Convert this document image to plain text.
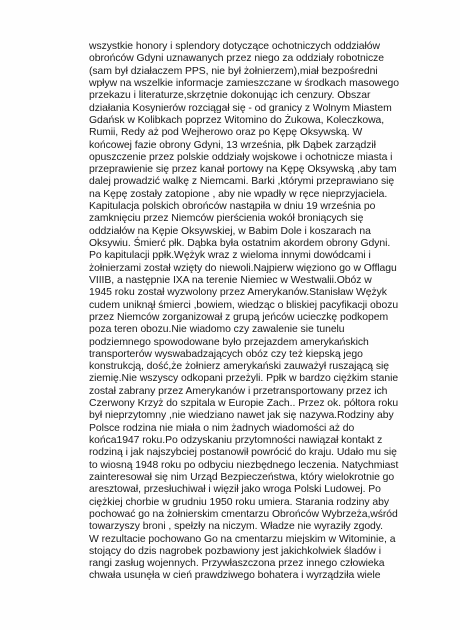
wszystkie honory i splendory dotyczące ochotniczych oddziałów
obrońców Gdyni uznawanych przez niego za oddziały robotnicze
(sam był działaczem PPS, nie był żołnierzem),miał bezpośredni
wpływ na wszelkie informacje zamieszczane w środkach masowego
przekazu i literaturze,skrzętnie dokonując ich cenzury. Obszar
działania Kosynierów rozciągał się - od granicy z Wolnym Miastem
Gdańsk w Kolibkach poprzez Witomino do Żukowa, Koleczkowa,
Rumii, Redy aż pod Wejherowo oraz po Kępę Oksywską. W
końcowej fazie obrony Gdyni, 13 września, płk Dąbek zarządził
opuszczenie przez polskie oddziały wojskowe i ochotnicze miasta i
przeprawienie się przez kanał portowy na Kępę Oksywską ,aby tam
dalej prowadzić walkę z Niemcami. Barki ,którymi przeprawiano się
na Kępę zostały zatopione , aby nie wpadły w ręce nieprzyjaciela.
Kapitulacja polskich obrońców nastąpiła w dniu 19 września po
zamknięciu przez Niemców pierścienia wokół broniących się
oddziałów na Kępie Oksywskiej, w Babim Dole i koszarach na
Oksywiu. Śmierć płk. Dąbka była ostatnim akordem obrony Gdyni.
Po kapitulacji ppłk.Wężyk wraz z wieloma innymi dowódcami i
żołnierzami został wzięty do niewoli.Najpierw więziono go w Offlagu
VIIIB, a następnie IXA na terenie Niemiec w Westwalii.Obóz w
1945 roku został wyzwolony przez Amerykanów.Stanisław Wężyk
cudem uniknął śmierci ,bowiem, wiedząc o bliskiej pacyfikacji obozu
przez Niemców zorganizował z grupą jeńców ucieczkę podkopem
poza teren obozu.Nie wiadomo czy zawalenie sie tunelu
podziemnego spowodowane było przejazdem amerykańskich
transporterów wyswabadzających obóz czy też kiepską jego
konstrukcją, dość,że żołnierz amerykański zauważył ruszającą się
ziemię.Nie wszyscy odkopani przeżyli. Ppłk w bardzo ciężkim stanie
został zabrany przez Amerykanów i przetransportowany przez ich
Czerwony Krzyż do szpitala w Europie Zach.. Przez ok. półtora roku
był nieprzytomny ,nie wiedziano nawet jak się nazywa.Rodziny aby
Polsce rodzina nie miała o nim żadnych wiadomości aż do
końca1947 roku.Po odzyskaniu przytomności nawiązał kontakt z
rodziną i jak najszybciej postanowił powrócić do kraju. Udało mu się
to wiosną 1948 roku po odbyciu niezbędnego leczenia. Natychmiast
zainteresował się nim Urząd Bezpieczeństwa, który wielokrotnie go
aresztował, przesłuchiwał i więził jako wroga Polski Ludowej. Po
ciężkiej chorbie w grudniu 1950 roku umiera. Starania rodziny aby
pochować go na żołnierskim cmentarzu Obrońców Wybrzeża,wśród
towarzyszy broni , spełzły na niczym. Władze nie wyraziły zgody.
W rezultacie pochowano Go na cmentarzu miejskim w Witominie, a
stojący do dzis nagrobek pozbawiony jest jakichkolwiek śladów i
rangi zasług wojennych. Przywłaszczona przez innego człowieka
chwała usunęła w cień prawdziwego bohatera i wyrządziła wiele
